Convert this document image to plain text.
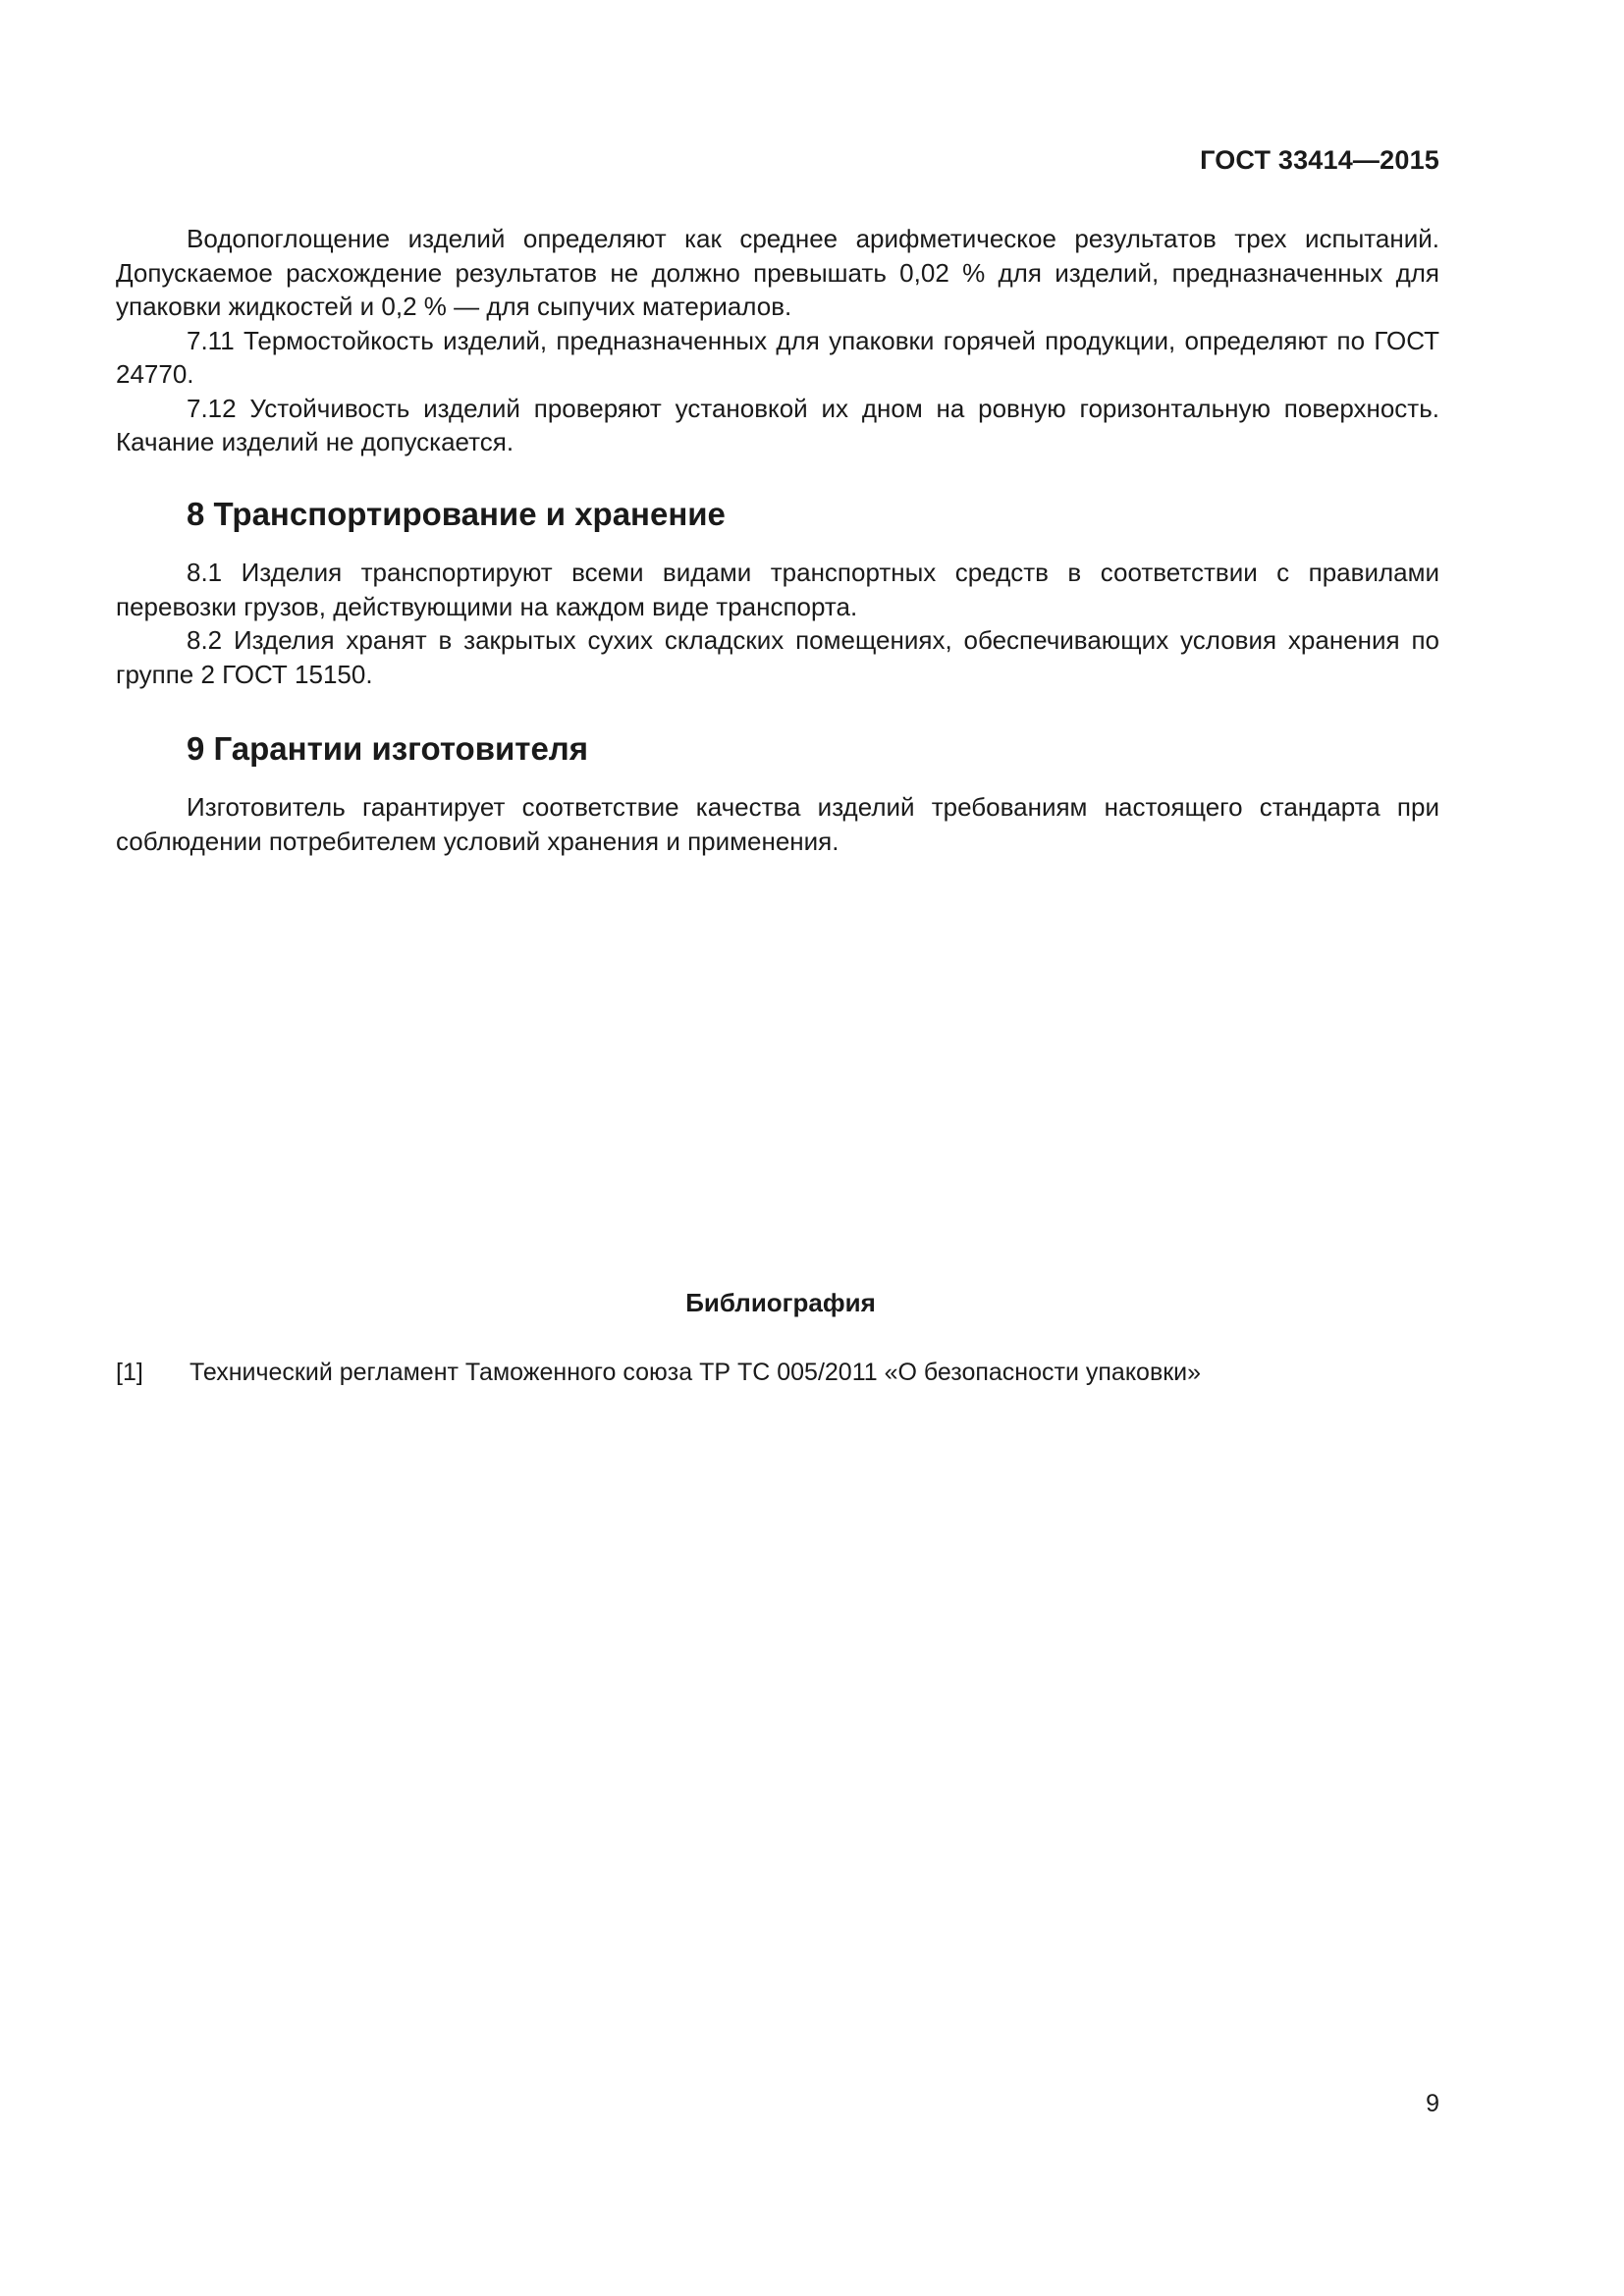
ГОСТ 33414—2015

Водопоглощение изделий определяют как среднее арифметическое результатов трех испытаний. Допускаемое расхождение результатов не должно превышать 0,02 % для изделий, предназначенных для упаковки жидкостей и 0,2 % — для сыпучих материалов.

7.11 Термостойкость изделий, предназначенных для упаковки горячей продукции, определяют по ГОСТ 24770.

7.12 Устойчивость изделий проверяют установкой их дном на ровную горизонтальную поверхность. Качание изделий не допускается.

8 Транспортирование и хранение

8.1 Изделия транспортируют всеми видами транспортных средств в соответствии с правилами перевозки грузов, действующими на каждом виде транспорта.

8.2 Изделия хранят в закрытых сухих складских помещениях, обеспечивающих условия хранения по группе 2 ГОСТ 15150.

9 Гарантии изготовителя

Изготовитель гарантирует соответствие качества изделий требованиям настоящего стандарта при соблюдении потребителем условий хранения и применения.

Библиография
[1]	Технический регламент Таможенного союза ТР ТС 005/2011 «О безопасности упаковки»
9
